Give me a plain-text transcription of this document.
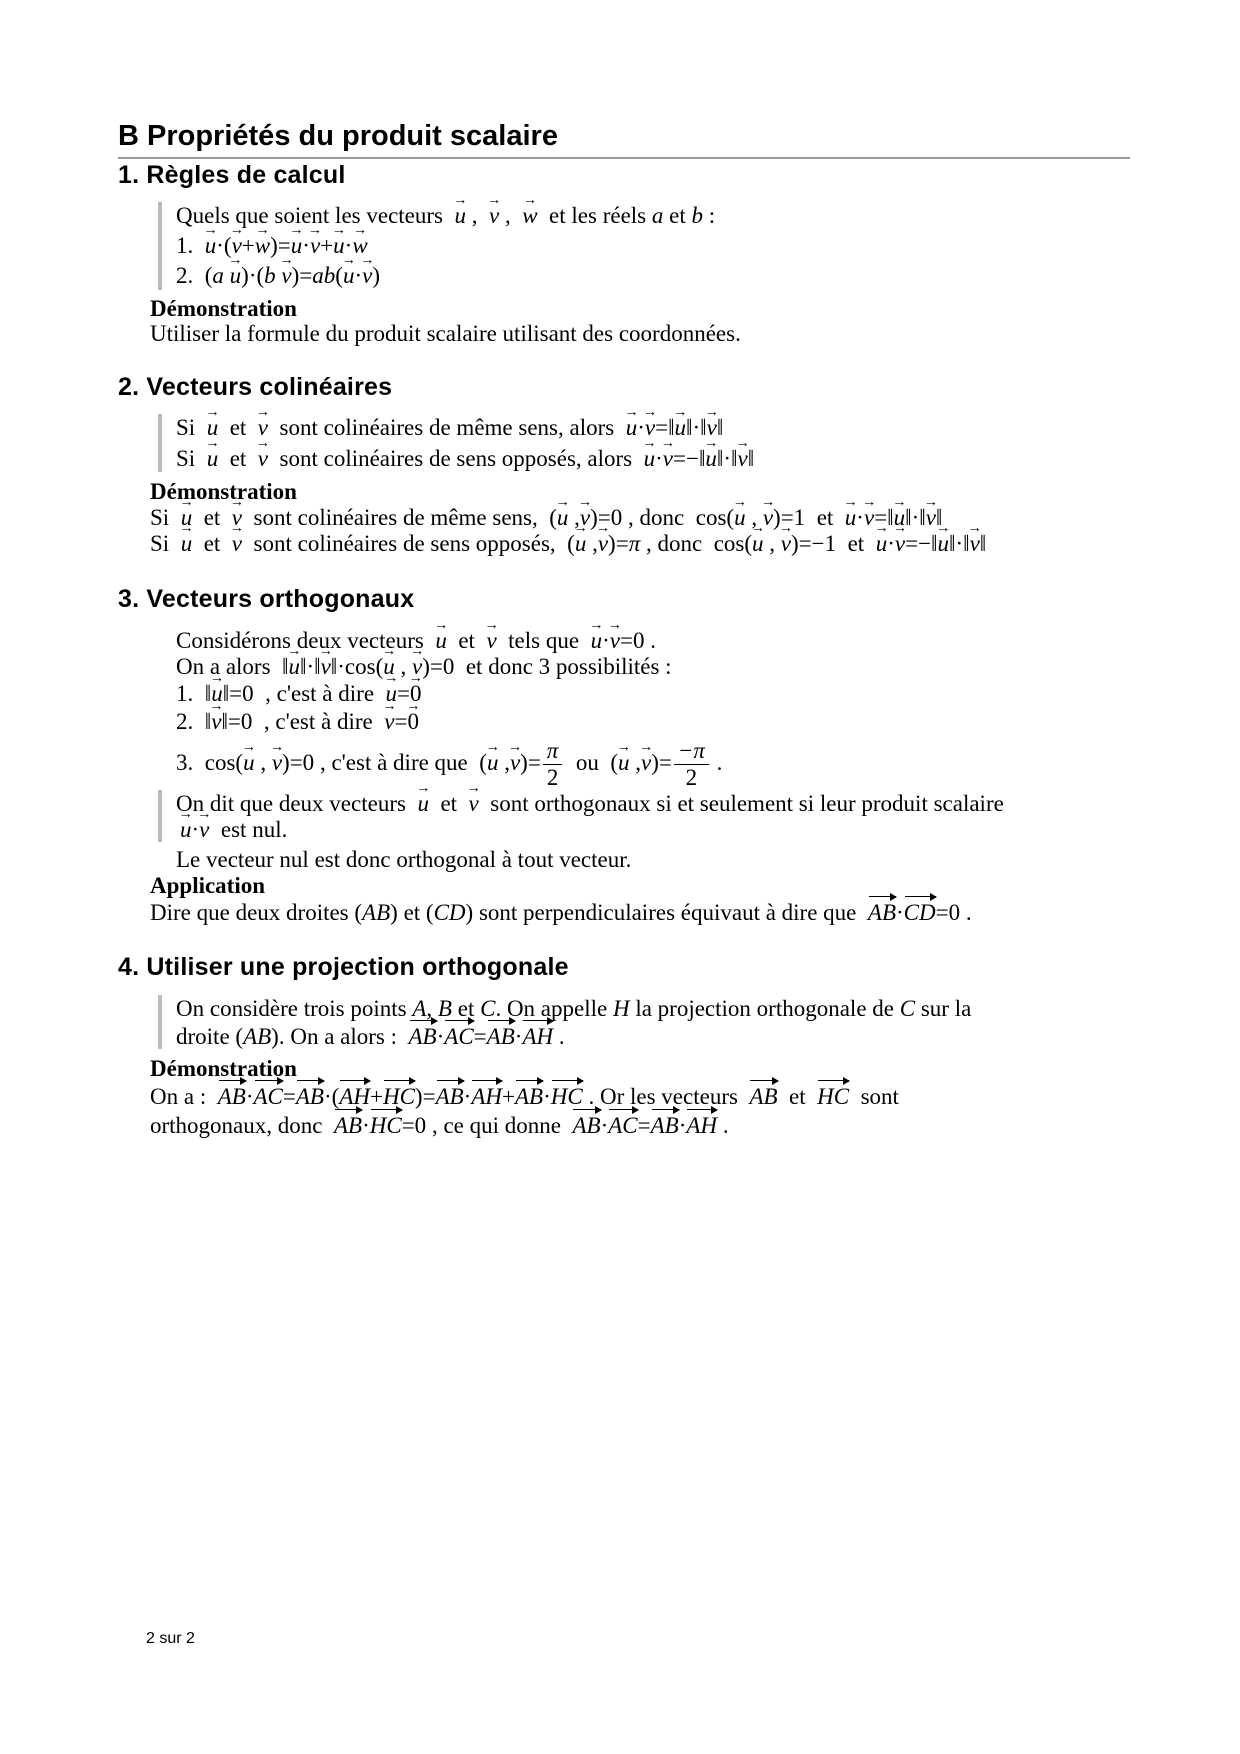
B Propriétés du produit scalaire
1. Règles de calcul
Quels que soient les vecteurs → u ,  → v ,  → w et les réels a et b :
1. → u·(→ v+→ w)=→ u·→ v+→ u·→ w
2.  (a → u)·(b → v)=ab(→ u·→ v)
Démonstration
Utiliser la formule du produit scalaire utilisant des coordonnées.
2. Vecteurs colinéaires
Si → u et → v sont colinéaires de même sens, alors → u·→ v=‖→ u‖·‖→ v‖
Si → u et → v sont colinéaires de sens opposés, alors → u·→ v=−‖→ u‖·‖→ v‖
Démonstration
Si → u et → v sont colinéaires de même sens,  (→ u ,→ v)=0 , donc  cos(→ u , → v)=1  et → u·→ v=‖→ u‖·‖→ v‖
Si → u et → v sont colinéaires de sens opposés,  (→ u ,→ v)=π , donc  cos(→ u , → v)=−1  et → u·→ v=−‖→ u‖·‖→ v‖
3. Vecteurs orthogonaux
Considérons deux vecteurs → u et → v tels que → u·→ v=0 .
On a alors  ‖→ u‖·‖→ v‖·cos(→ u , → v)=0  et donc 3 possibilités :
1.  ‖→ u‖=0  , c'est à dire → u=→ 0
2.  ‖→ v‖=0  , c'est à dire → v=→ 0
3.  cos(→ u , → v)=0 , c'est à dire que  (→ u ,→ $v)= \frac{\pi}{2}$ ou  (→ u ,→ $v)= \frac{-\pi}{2}$ .
On dit que deux vecteurs → u et → v sont orthogonaux si et seulement si leur produit scalaire
→ u·→ v est nul.
Le vecteur nul est donc orthogonal à tout vecteur.
Application
Dire que deux droites (AB) et (CD) sont perpendiculaires équivaut à dire que AB·CD=0 .
4. Utiliser une projection orthogonale
On considère trois points A, B et C. On appelle H la projection orthogonale de C sur la
droite (AB). On a alors : AB·AC=AB·AH .
Démonstration
On a : AB·AC=AB·(AH+HC)=AB·AH+AB·HC . Or les vecteurs AB et HC sont
orthogonaux, donc AB·HC=0 , ce qui donne AB·AC=AB·AH .
2 sur 2
